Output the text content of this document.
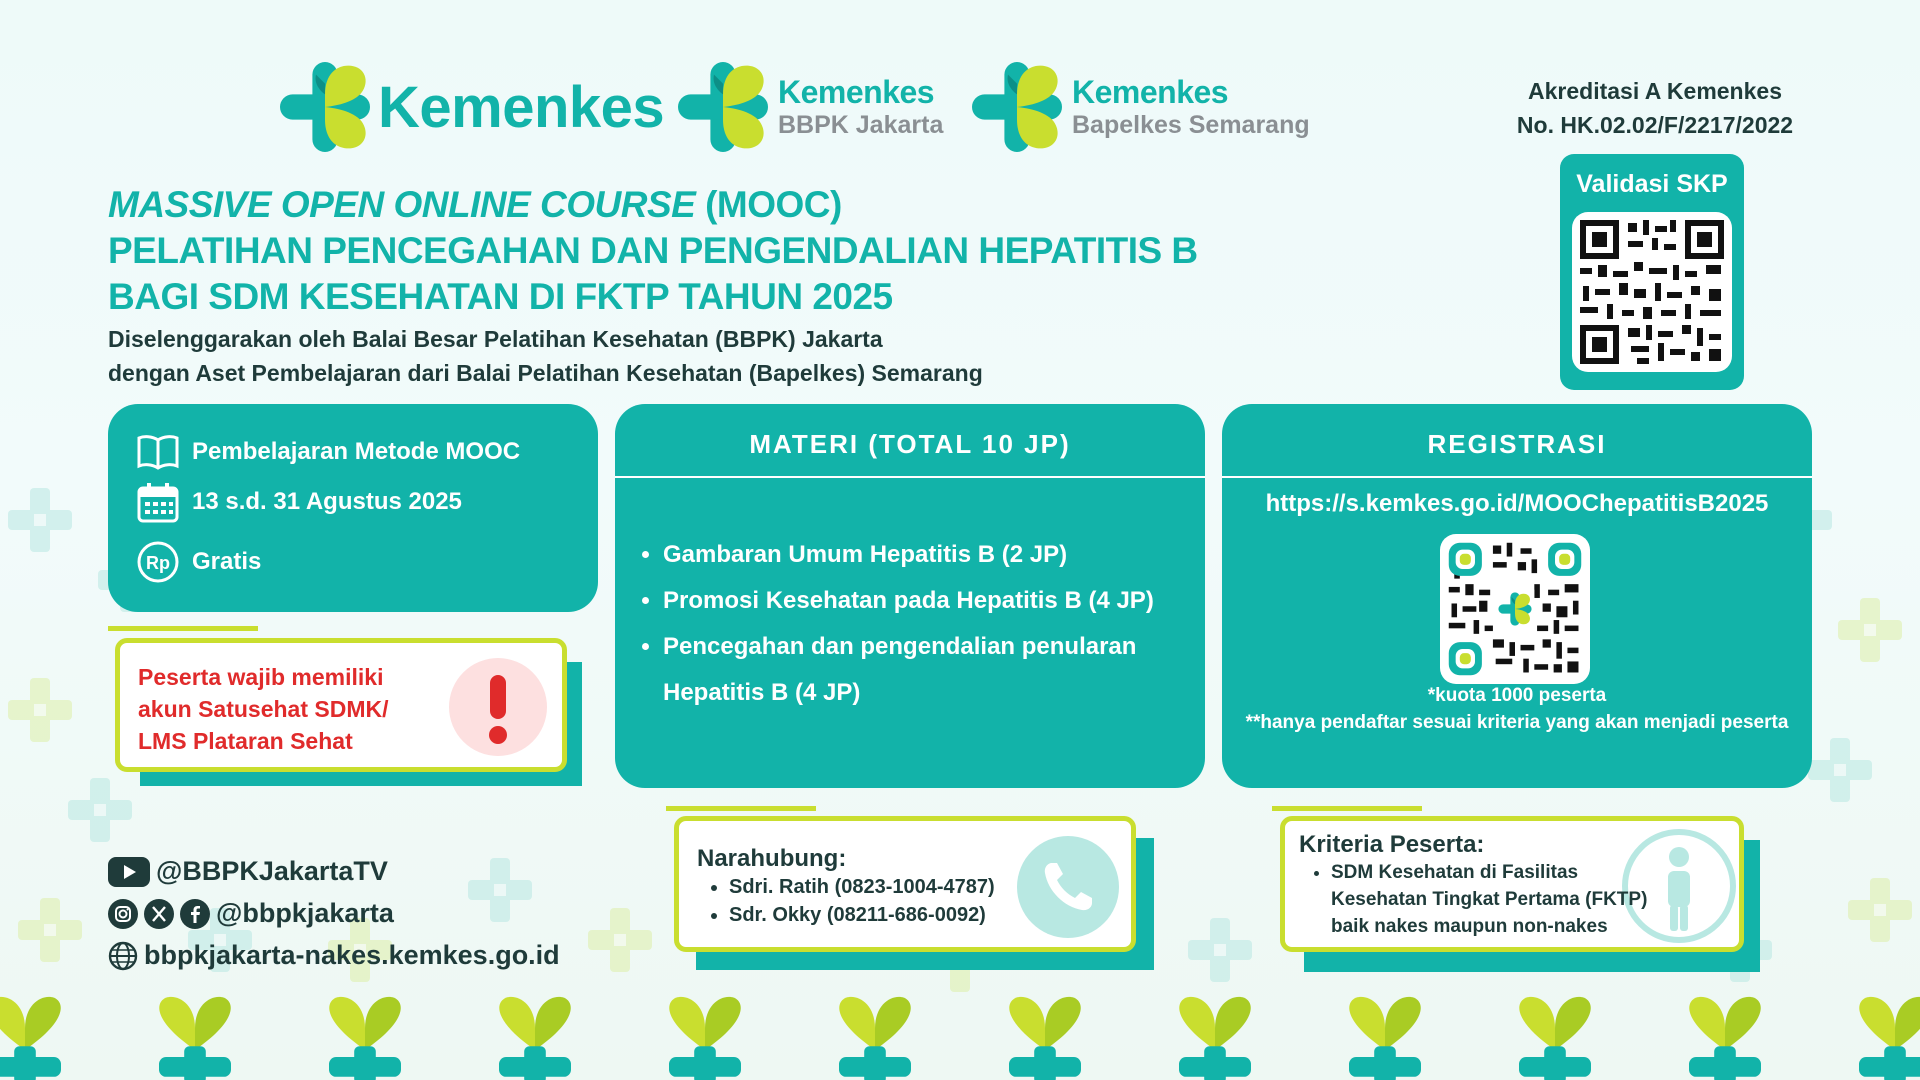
Kemenkes	Kemenkes
BBPK Jakarta
Kemenkes
Bapelkes Semarang
Akreditasi A Kemenkes
No. HK.02.02/F/2217/2022
Validasi SKP
MASSIVE OPEN ONLINE COURSE (MOOC)
PELATIHAN PENCEGAHAN DAN PENGENDALIAN HEPATITIS B
BAGI SDM KESEHATAN DI FKTP TAHUN 2025
Diselenggarakan oleh Balai Besar Pelatihan Kesehatan (BBPK) Jakarta
dengan Aset Pembelajaran dari Balai Pelatihan Kesehatan (Bapelkes) Semarang
Pembelajaran Metode MOOC
13 s.d. 31 Agustus 2025
Rp Gratis
Peserta wajib memiliki
akun Satusehat SDMK/
LMS Plataran Sehat
MATERI (TOTAL 10 JP)
• Gambaran Umum Hepatitis B (2 JP)
• Promosi Kesehatan pada Hepatitis B (4 JP)
• Pencegahan dan pengendalian penularan Hepatitis B (4 JP)
REGISTRASI
https://s.kemkes.go.id/MOOChepatitisB2025
*kuota 1000 peserta
**hanya pendaftar sesuai kriteria yang akan menjadi peserta
@BBPKJakartaTV
@bbpkjakarta
bbpkjakarta-nakes.kemkes.go.id
Narahubung:
• Sdri. Ratih (0823-1004-4787)
• Sdr. Okky (08211-686-0092)
Kriteria Peserta:
• SDM Kesehatan di Fasilitas Kesehatan Tingkat Pertama (FKTP) baik nakes maupun non-nakes
